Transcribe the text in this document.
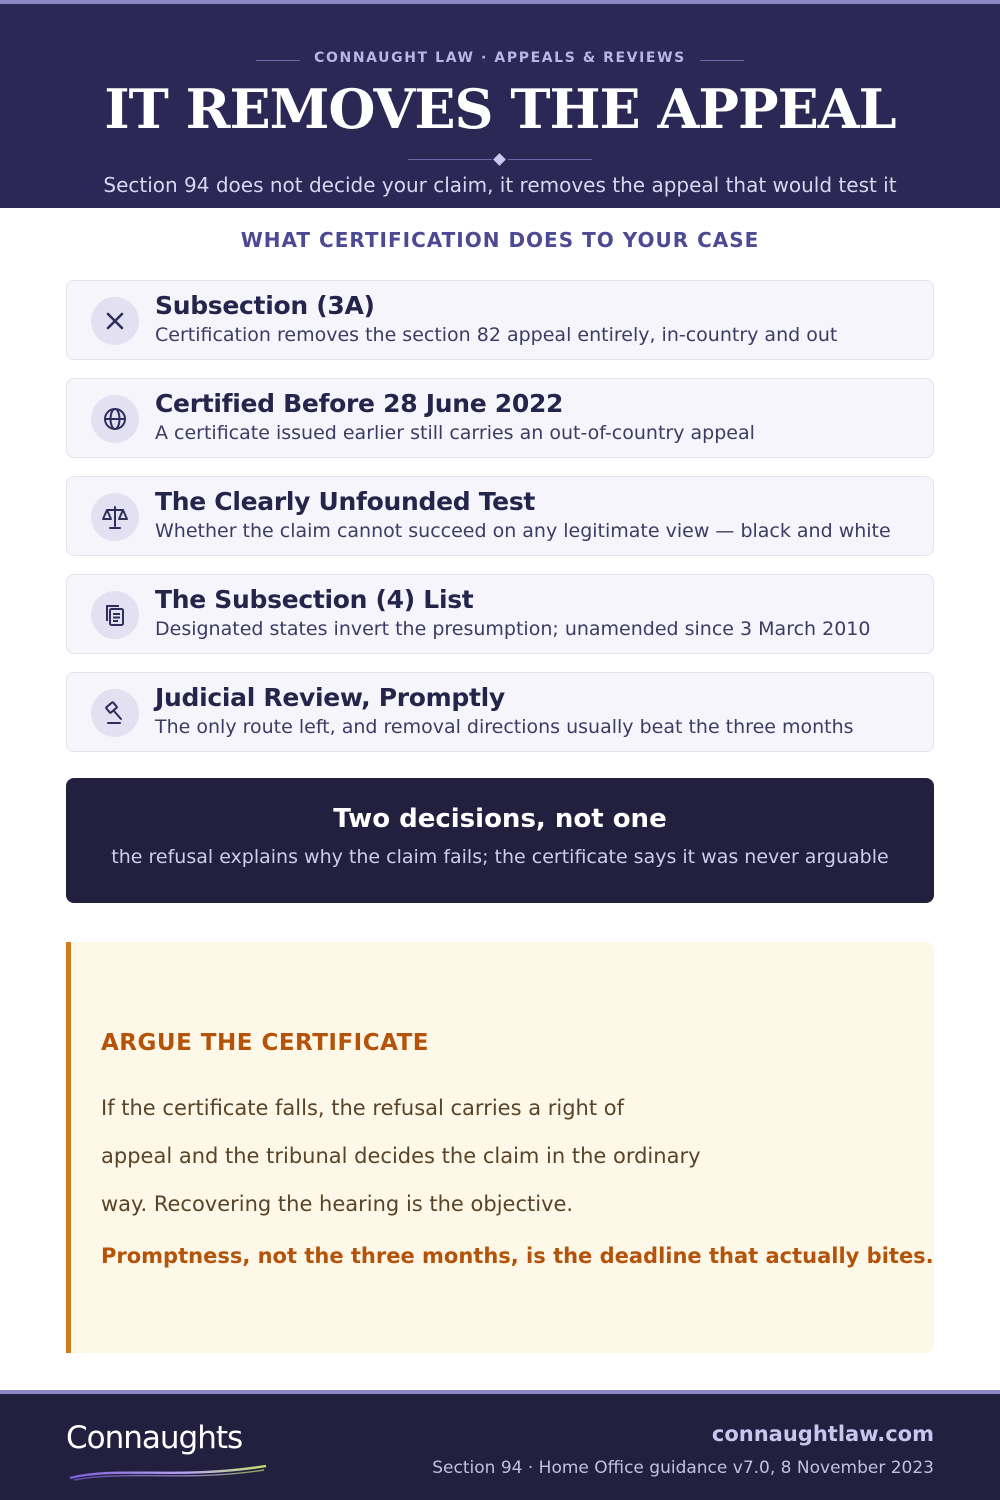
CONNAUGHT LAW · APPEALS & REVIEWS
IT REMOVES THE APPEAL
Section 94 does not decide your claim, it removes the appeal that would test it
WHAT CERTIFICATION DOES TO YOUR CASE
Subsection (3A)
Certification removes the section 82 appeal entirely, in-country and out
Certified Before 28 June 2022
A certificate issued earlier still carries an out-of-country appeal
The Clearly Unfounded Test
Whether the claim cannot succeed on any legitimate view — black and white
The Subsection (4) List
Designated states invert the presumption; unamended since 3 March 2010
Judicial Review, Promptly
The only route left, and removal directions usually beat the three months
Two decisions, not one
the refusal explains why the claim fails; the certificate says it was never arguable
ARGUE THE CERTIFICATE
If the certificate falls, the refusal carries a right of
appeal and the tribunal decides the claim in the ordinary
way. Recovering the hearing is the objective.
Promptness, not the three months, is the deadline that actually bites.
Connaughts	connaughtlaw.com
Section 94 · Home Office guidance v7.0, 8 November 2023
